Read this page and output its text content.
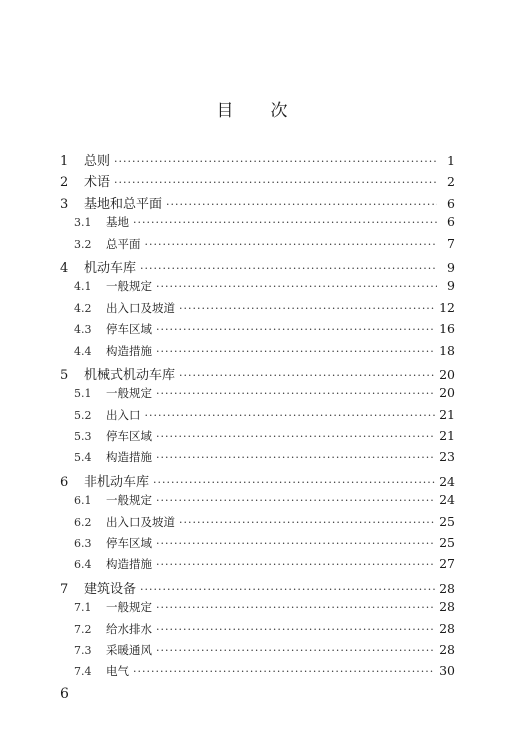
目 次
1	总则 ·····	1
2	术语 ·····	2
3	基地和总平面 ·····	6
3.1	基地 ·····	6
3.2	总平面 ·····	7
4	机动车库 ·····	9
4.1	一般规定 ·····	9
4.2	出入口及坡道 ·····	12
4.3	停车区域 ·····	16
4.4	构造措施 ·····	18
5	机械式机动车库 ·····	20
5.1	一般规定 ·····	20
5.2	出入口 ·····	21
5.3	停车区域 ·····	21
5.4	构造措施 ·····	23
6	非机动车库 ·····	24
6.1	一般规定 ·····	24
6.2	出入口及坡道 ·····	25
6.3	停车区域 ·····	25
6.4	构造措施 ·····	27
7	建筑设备 ·····	28
7.1	一般规定 ·····	28
7.2	给水排水 ·····	28
7.3	采暖通风 ·····	28
7.4	电气 ·····	30
6
